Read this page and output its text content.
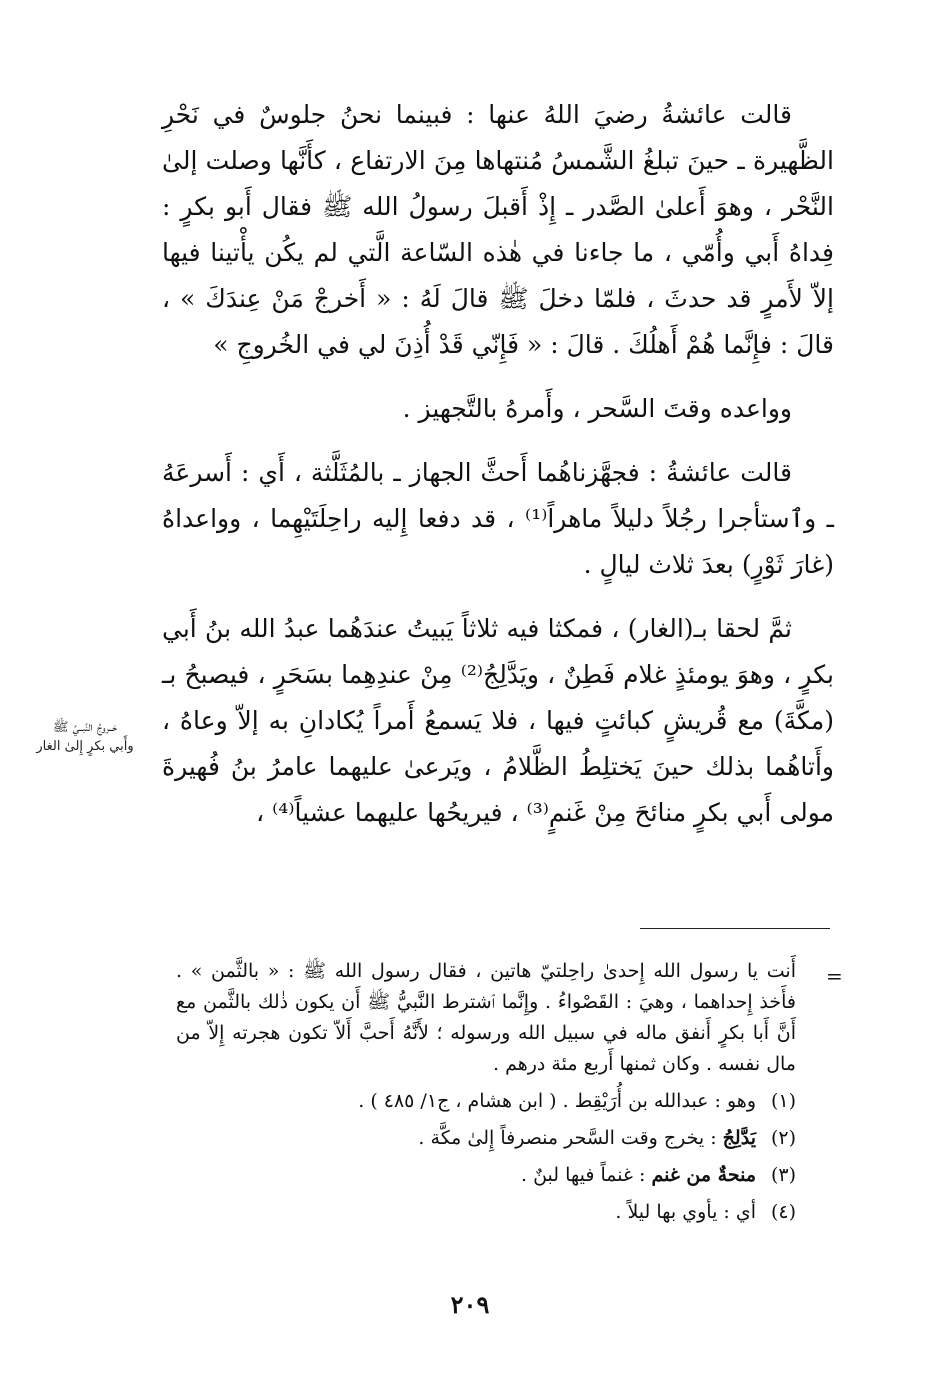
قالت عائشةُ رضيَ اللهُ عنها : فبينما نحنُ جلوسٌ في نَحْرِ الظَّهيرة ـ حينَ تبلغُ الشَّمسُ مُنتهاها مِنَ الارتفاع ، كأَنَّها وصلت إلىٰ النَّحْر ، وهوَ أَعلىٰ الصَّدر ـ إِذْ أَقبلَ رسولُ الله ﷺ فقال أَبو بكرٍ : فِداهُ أَبي وأُمّي ، ما جاءنا في هٰذه السّاعة الَّتي لم يكُن يأْتينا فيها إلاّ لأَمرٍ قد حدثَ ، فلمّا دخلَ ﷺ قالَ لَهُ : « أَخرجْ مَنْ عِندَكَ » ، قالَ : فإِنَّما هُمْ أَهلُكَ . قالَ : « فَإِنّي قَدْ أُذِنَ لي في الخُروجِ »

وواعده وقتَ السَّحر ، وأَمرهُ بالتَّجهيز .

قالت عائشةُ : فجهَّزناهُما أَحثَّ الجهاز ـ بالمُثَلَّثة ، أَي : أَسرعَهُ ـ وٱستأجرا رجُلاً دليلاً ماهراً⁽¹⁾ ، قد دفعا إِليه راحِلَتَيْهِما ، وواعداهُ (غارَ ثَوْرٍ) بعدَ ثلاث ليالٍ .

ثمَّ لحقا بـ(الغار) ، فمكثا فيه ثلاثاً يَبيتُ عندَهُما عبدُ الله بنُ أَبي بكرٍ ، وهوَ يومئذٍ غلام فَطِنٌ ، ويَدَّلِجُ⁽²⁾ مِنْ عندِهِما بسَحَرٍ ، فيصبحُ بـ (مكَّةَ) مع قُريشٍ كبائتٍ فيها ، فلا يَسمعُ أَمراً يُكادانِ به إلاّ وعاهُ ، وأَتاهُما بذلك حينَ يَختلِطُ الظَّلامُ ، ويَرعىٰ عليهما عامرُ بنُ فُهيرةَ مولى أَبي بكرٍ منائحَ مِنْ غَنمٍ⁽³⁾ ، فيريحُها عليهما عشياً⁽⁴⁾ ،

خــروجُ النَّبــيِّ ﷺ
وأَبي بكرٍ إِلىٰ الغار
=

أَنت يا رسول الله إِحدىٰ راحِلتيّ هاتين ، فقال رسول الله ﷺ : « بالثَّمن » . فأَخذ إِحداهما ، وهيَ : القَصْواءُ . وإِنَّما ٱشترط النَّبيُّ ﷺ أَن يكون ذٰلك بالثَّمن مع أَنَّ أَبا بكرٍ أَنفق ماله في سبيل الله ورسوله ؛ لأَنَّهُ أَحبَّ أَلاّ تكون هجرته إِلاّ من مال نفسه . وكان ثمنها أَربع مئة درهم .

(١)وهو : عبدالله بن أُرَيْقِط . ( ابن هشام ، ج١/ ٤٨٥ ) .

(٢)يَدَّلِجُ : يخرج وقت السَّحر منصرفاً إِلىٰ مكَّة .

(٣)منحةٌ من غنم : غنماً فيها لبنٌ .

(٤)أي : يأوي بها ليلاً .

٢٠٩
